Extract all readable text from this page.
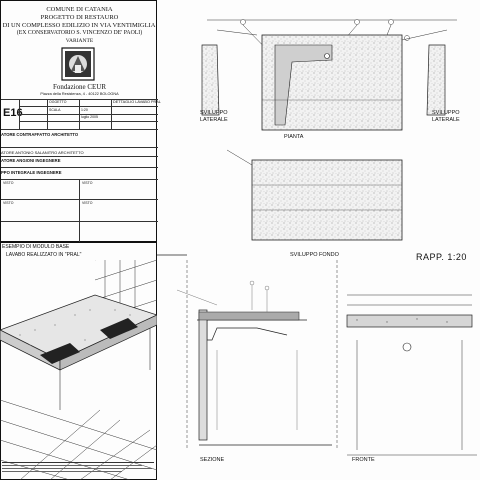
COMUNE DI CATANIA
PROGETTO DI RESTAURO
DI UN COMPLESSO EDILIZIO IN VIA VENTIMIGLIA
(EX CONSERVATORIO S. VINCENZO DE' PAOLI)
VARIANTE
Fondazione CEUR
Piazza della Resistenza, 4 - 40122 BOLOGNA
E16
OGGETTO	DETTAGLIO LAVABO PRAL
SCALA	1:20
luglio 2005
ATORE CONTRAFFATTO ARCHITETTO

ATORE ANTONIO SALANITRO ARCHITETTO
ATORE ANGIONI INGEGNERE
PPO INTEGRALE INGEGNERE
VISTO	VISTO
VISTO	VISTO
SVILUPPO LATERALE
SVILUPPO LATERALE
PIANTA
SVILUPPO FONDO	RAPP. 1:20
ESEMPIO DI MODULO BASE
LAVABO REALIZZATO IN "PRAL"

SEZIONE	FRONTE
